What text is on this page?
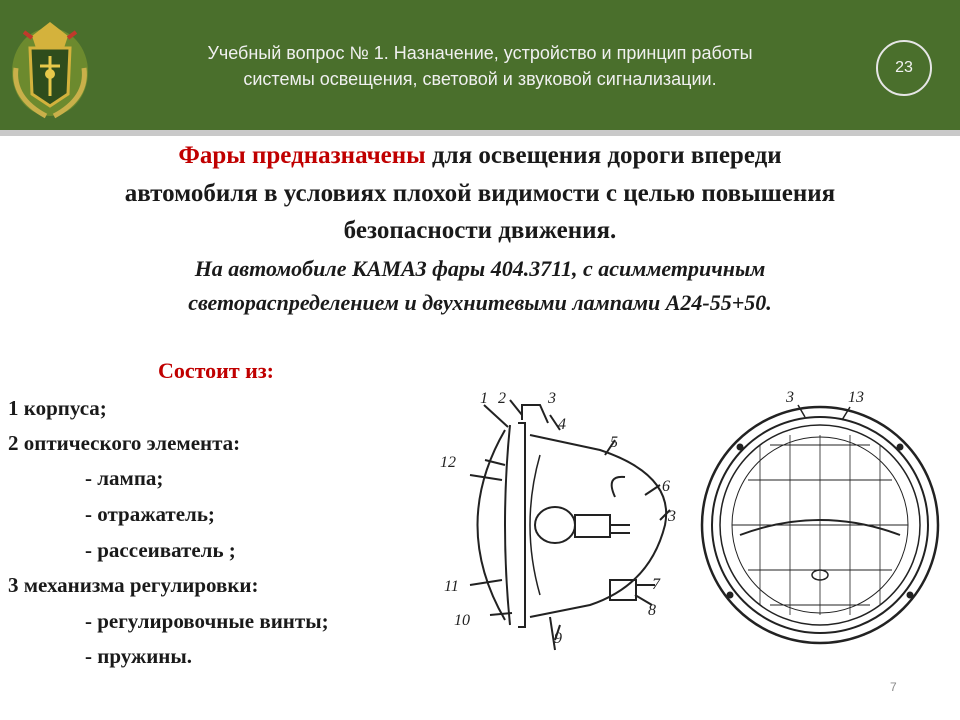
Учебный вопрос № 1. Назначение, устройство и принцип работы
системы освещения, световой и звуковой сигнализации.
23
Фары предназначены для освещения дороги впереди
автомобиля в условиях плохой видимости с целью повышения
безопасности движения.
На автомобиле КАМАЗ фары 404.3711, с асимметричным
светораспределением и двухнитевыми лампами А24-55+50.
Состоит из:
1 корпуса;
2 оптического элемента:
- лампа;
- отражатель;
- рассеиватель ;
3 механизма регулировки:
- регулировочные винты;
- пружины.
1 2	3
4
5
12
6
3
11	7
8
10
9
3	13
7
